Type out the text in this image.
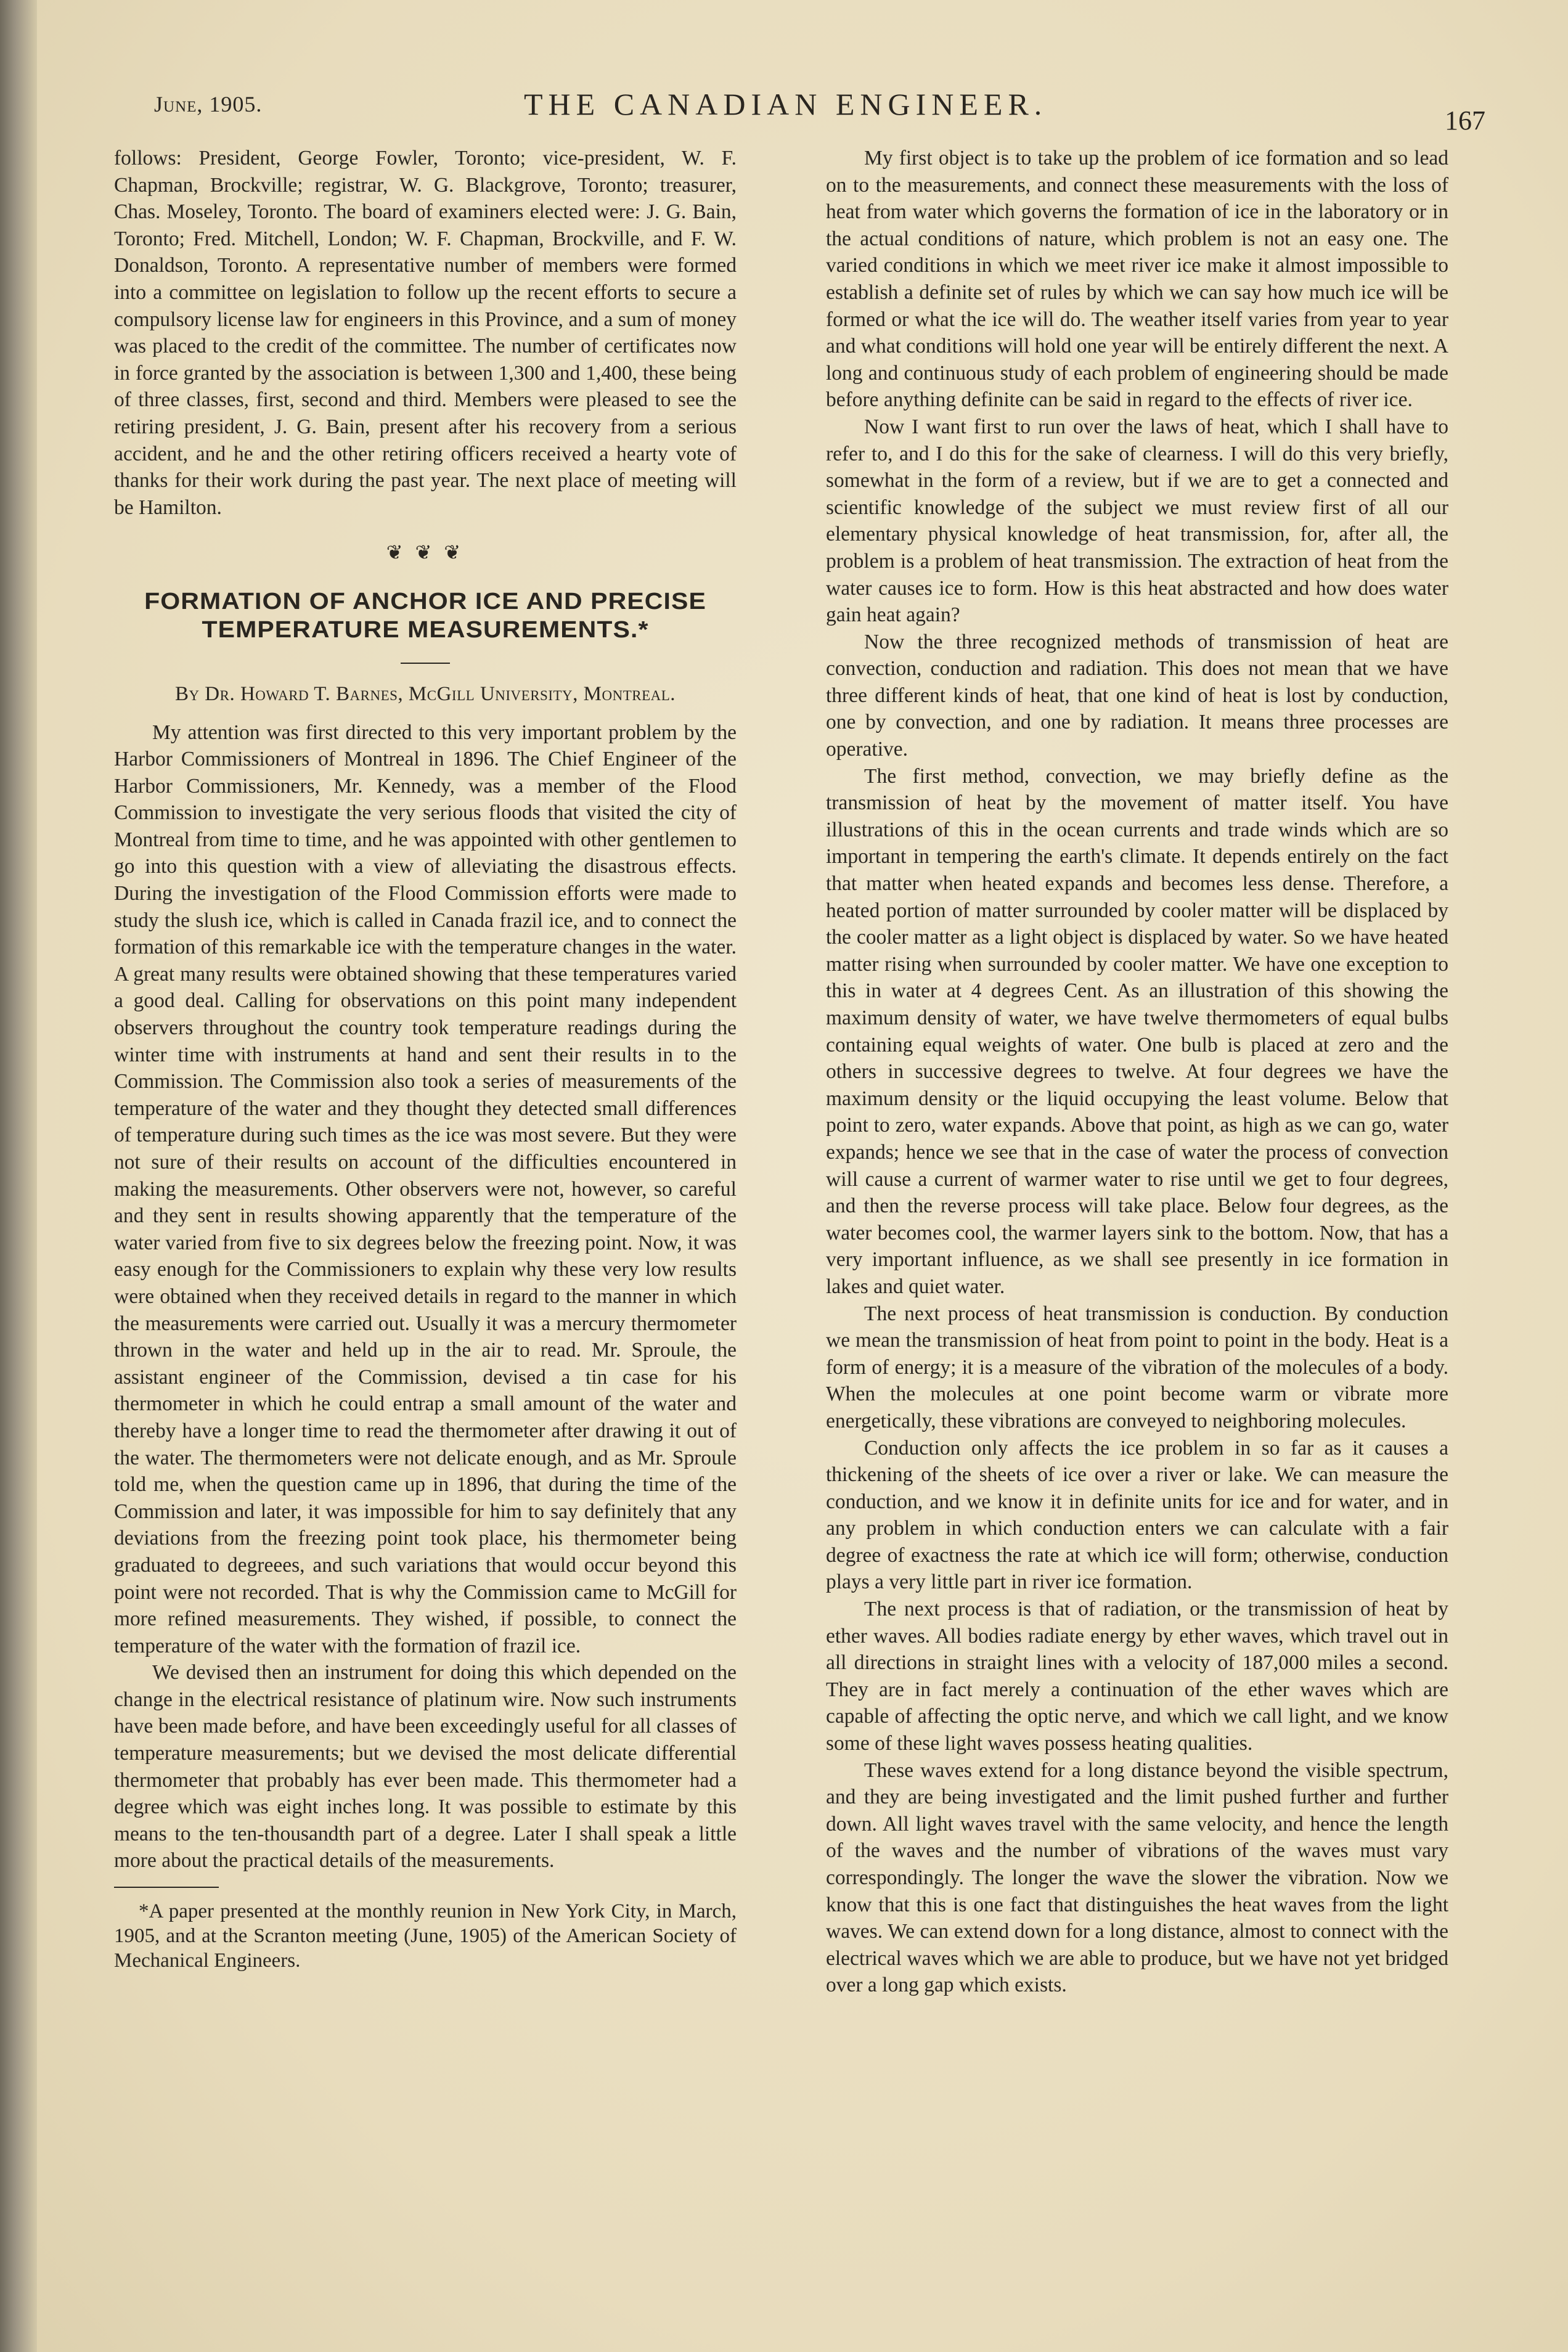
June, 1905.	THE CANADIAN ENGINEER.	167

follows: President, George Fowler, Toronto; vice-president, W. F. Chapman, Brockville; registrar, W. G. Blackgrove, Toronto; treasurer, Chas. Moseley, Toronto. The board of examiners elected were: J. G. Bain, Toronto; Fred. Mitchell, London; W. F. Chapman, Brockville, and F. W. Donaldson, Toronto. A representative number of members were formed into a committee on legislation to follow up the recent efforts to secure a compulsory license law for engineers in this Province, and a sum of money was placed to the credit of the committee. The number of certificates now in force granted by the association is between 1,300 and 1,400, these being of three classes, first, second and third. Members were pleased to see the retiring president, J. G. Bain, present after his recovery from a serious accident, and he and the other retiring officers received a hearty vote of thanks for their work during the past year. The next place of meeting will be Hamilton.

❦ ❦ ❦
FORMATION OF ANCHOR ICE AND PRECISE TEMPERATURE MEASUREMENTS.*
By Dr. Howard T. Barnes, McGill University, Montreal.

My attention was first directed to this very important problem by the Harbor Commissioners of Montreal in 1896. The Chief Engineer of the Harbor Commissioners, Mr. Kennedy, was a member of the Flood Commission to investigate the very serious floods that visited the city of Montreal from time to time, and he was appointed with other gentlemen to go into this question with a view of alleviating the disastrous effects. During the investigation of the Flood Commission efforts were made to study the slush ice, which is called in Canada frazil ice, and to connect the formation of this remarkable ice with the temperature changes in the water. A great many results were obtained showing that these temperatures varied a good deal. Calling for observations on this point many independent observers throughout the country took temperature readings during the winter time with instruments at hand and sent their results in to the Commission. The Commission also took a series of measurements of the temperature of the water and they thought they detected small differences of temperature during such times as the ice was most severe. But they were not sure of their results on account of the difficulties encountered in making the measurements. Other observers were not, however, so careful and they sent in results showing apparently that the temperature of the water varied from five to six degrees below the freezing point. Now, it was easy enough for the Commissioners to explain why these very low results were obtained when they received details in regard to the manner in which the measurements were carried out. Usually it was a mercury thermometer thrown in the water and held up in the air to read. Mr. Sproule, the assistant engineer of the Commission, devised a tin case for his thermometer in which he could entrap a small amount of the water and thereby have a longer time to read the thermometer after drawing it out of the water. The thermometers were not delicate enough, and as Mr. Sproule told me, when the question came up in 1896, that during the time of the Commission and later, it was impossible for him to say definitely that any deviations from the freezing point took place, his thermometer being graduated to degreees, and such variations that would occur beyond this point were not recorded. That is why the Commission came to McGill for more refined measurements. They wished, if possible, to connect the temperature of the water with the formation of frazil ice.

We devised then an instrument for doing this which depended on the change in the electrical resistance of platinum wire. Now such instruments have been made before, and have been exceedingly useful for all classes of temperature measurements; but we devised the most delicate differential thermometer that probably has ever been made. This thermometer had a degree which was eight inches long. It was possible to estimate by this means to the ten-thousandth part of a degree. Later I shall speak a little more about the practical details of the measurements.

*A paper presented at the monthly reunion in New York City, in March, 1905, and at the Scranton meeting (June, 1905) of the American Society of Mechanical Engineers.

My first object is to take up the problem of ice formation and so lead on to the measurements, and connect these measurements with the loss of heat from water which governs the formation of ice in the laboratory or in the actual conditions of nature, which problem is not an easy one. The varied conditions in which we meet river ice make it almost impossible to establish a definite set of rules by which we can say how much ice will be formed or what the ice will do. The weather itself varies from year to year and what conditions will hold one year will be entirely different the next. A long and continuous study of each problem of engineering should be made before anything definite can be said in regard to the effects of river ice.

Now I want first to run over the laws of heat, which I shall have to refer to, and I do this for the sake of clearness. I will do this very briefly, somewhat in the form of a review, but if we are to get a connected and scientific knowledge of the subject we must review first of all our elementary physical knowledge of heat transmission, for, after all, the problem is a problem of heat transmission. The extraction of heat from the water causes ice to form. How is this heat abstracted and how does water gain heat again?

Now the three recognized methods of transmission of heat are convection, conduction and radiation. This does not mean that we have three different kinds of heat, that one kind of heat is lost by conduction, one by convection, and one by radiation. It means three processes are operative.

The first method, convection, we may briefly define as the transmission of heat by the movement of matter itself. You have illustrations of this in the ocean currents and trade winds which are so important in tempering the earth's climate. It depends entirely on the fact that matter when heated expands and becomes less dense. Therefore, a heated portion of matter surrounded by cooler matter will be displaced by the cooler matter as a light object is displaced by water. So we have heated matter rising when surrounded by cooler matter. We have one exception to this in water at 4 degrees Cent. As an illustration of this showing the maximum density of water, we have twelve thermometers of equal bulbs containing equal weights of water. One bulb is placed at zero and the others in successive degrees to twelve. At four degrees we have the maximum density or the liquid occupying the least volume. Below that point to zero, water expands. Above that point, as high as we can go, water expands; hence we see that in the case of water the process of convection will cause a current of warmer water to rise until we get to four degrees, and then the reverse process will take place. Below four degrees, as the water becomes cool, the warmer layers sink to the bottom. Now, that has a very important influence, as we shall see presently in ice formation in lakes and quiet water.

The next process of heat transmission is conduction. By conduction we mean the transmission of heat from point to point in the body. Heat is a form of energy; it is a measure of the vibration of the molecules of a body. When the molecules at one point become warm or vibrate more energetically, these vibrations are conveyed to neighboring molecules.

Conduction only affects the ice problem in so far as it causes a thickening of the sheets of ice over a river or lake. We can measure the conduction, and we know it in definite units for ice and for water, and in any problem in which conduction enters we can calculate with a fair degree of exactness the rate at which ice will form; otherwise, conduction plays a very little part in river ice formation.

The next process is that of radiation, or the transmission of heat by ether waves. All bodies radiate energy by ether waves, which travel out in all directions in straight lines with a velocity of 187,000 miles a second. They are in fact merely a continuation of the ether waves which are capable of affecting the optic nerve, and which we call light, and we know some of these light waves possess heating qualities.

These waves extend for a long distance beyond the visible spectrum, and they are being investigated and the limit pushed further and further down. All light waves travel with the same velocity, and hence the length of the waves and the number of vibrations of the waves must vary correspondingly. The longer the wave the slower the vibration. Now we know that this is one fact that distinguishes the heat waves from the light waves. We can extend down for a long distance, almost to connect with the electrical waves which we are able to produce, but we have not yet bridged over a long gap which exists.
